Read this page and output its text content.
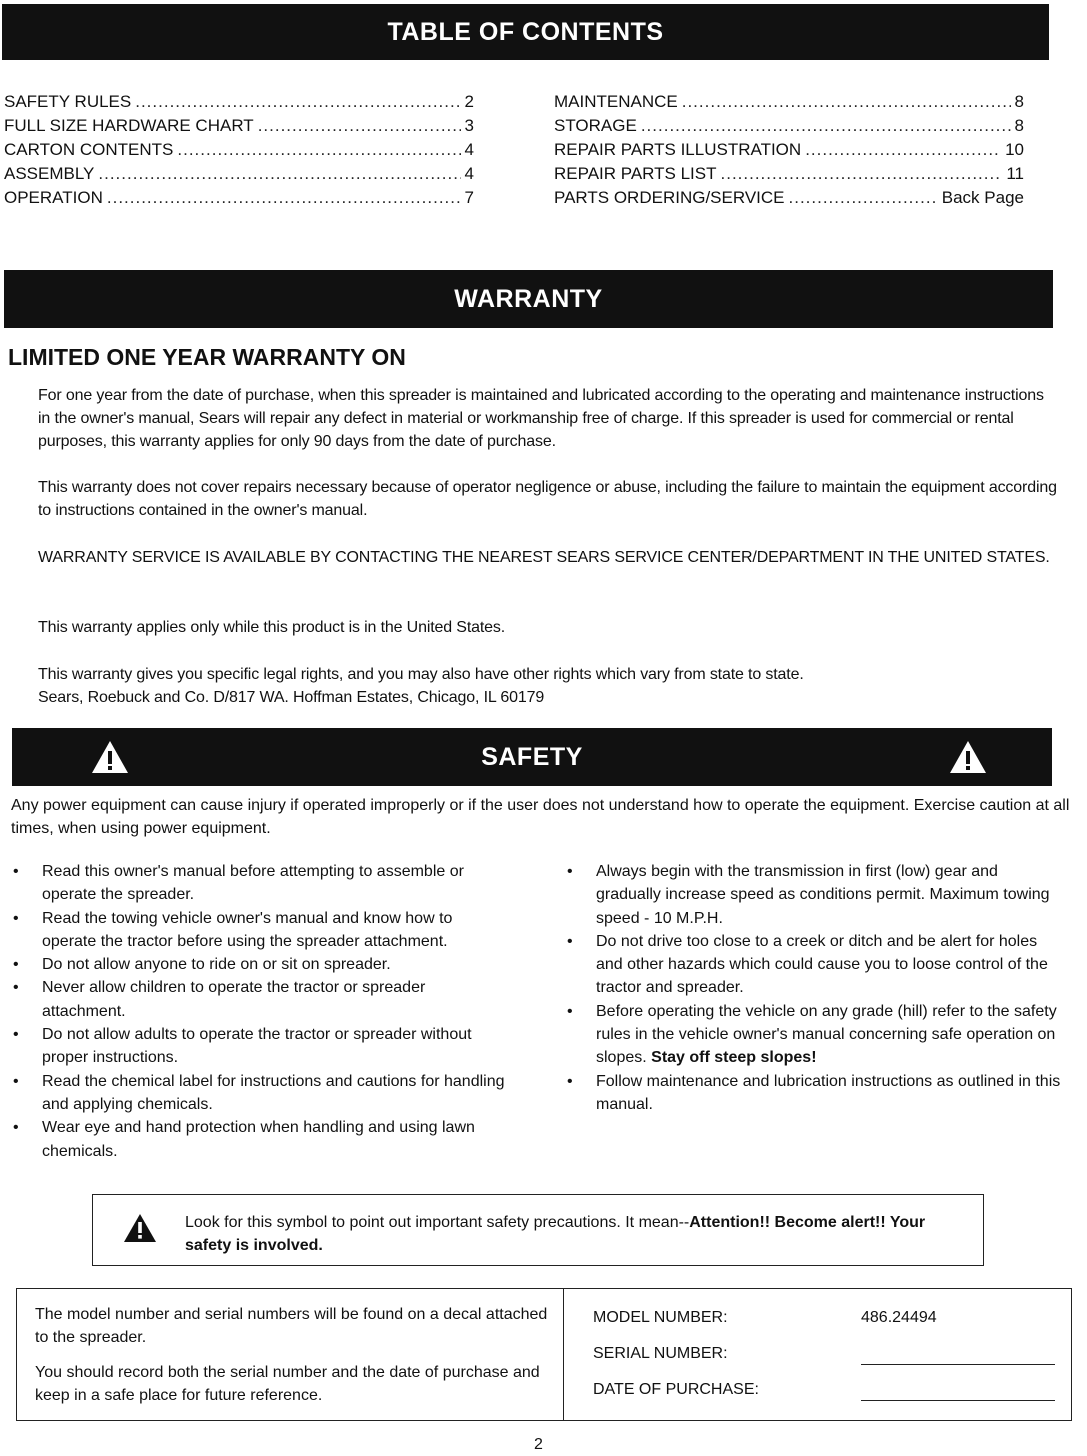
TABLE OF CONTENTS
SAFETY RULES .....	2
FULL SIZE HARDWARE CHART .....	3
CARTON CONTENTS .....	4
ASSEMBLY .....	4
OPERATION .....	7
MAINTENANCE .....	8
STORAGE .....	8
REPAIR PARTS ILLUSTRATION .....	10
REPAIR PARTS LIST .....	11
PARTS ORDERING/SERVICE .....	Back Page
WARRANTY
LIMITED ONE YEAR WARRANTY ON

For one year from the date of purchase, when this spreader is maintained and lubricated according to the operating and maintenance instructions in the owner's manual, Sears will repair any defect in material or workmanship free of charge. If this spreader is used for commercial or rental purposes, this warranty applies for only 90 days from the date of purchase.

This warranty does not cover repairs necessary because of operator negligence or abuse, including the failure to maintain the equipment according to instructions contained in the owner's manual.

WARRANTY SERVICE IS AVAILABLE BY CONTACTING THE NEAREST SEARS SERVICE CENTER/DEPARTMENT IN THE UNITED STATES.

This warranty applies only while this product is in the United States.

This warranty gives you specific legal rights, and you may also have other rights which vary from state to state.

Sears, Roebuck and Co. D/817 WA. Hoffman Estates, Chicago, IL 60179

SAFETY

Any power equipment can cause injury if operated improperly or if the user does not understand how to operate the equipment. Exercise caution at all times, when using power equipment.

• Read this owner's manual before attempting to assemble or operate the spreader.
• Read the towing vehicle owner's manual and know how to operate the tractor before using the spreader attachment.
• Do not allow anyone to ride on or sit on spreader.
• Never allow children to operate the tractor or spreader attachment.
• Do not allow adults to operate the tractor or spreader without proper instructions.
• Read the chemical label for instructions and cautions for handling and applying chemicals.
• Wear eye and hand protection when handling and using lawn chemicals.
• Always begin with the transmission in first (low) gear and gradually increase speed as conditions permit. Maximum towing speed - 10 M.P.H.
• Do not drive too close to a creek or ditch and be alert for holes and other hazards which could cause you to loose control of the tractor and spreader.
• Before operating the vehicle on any grade (hill) refer to the safety rules in the vehicle owner's manual concerning safe operation on slopes. Stay off steep slopes!
• Follow maintenance and lubrication instructions as outlined in this manual.
Look for this symbol to point out important safety precautions. It mean--Attention!! Become alert!! Your safety is involved.

The model number and serial numbers will be found on a decal attached to the spreader.

You should record both the serial number and the date of purchase and keep in a safe place for future reference.

MODEL NUMBER:	486.24494
SERIAL NUMBER:
DATE OF PURCHASE:
2
